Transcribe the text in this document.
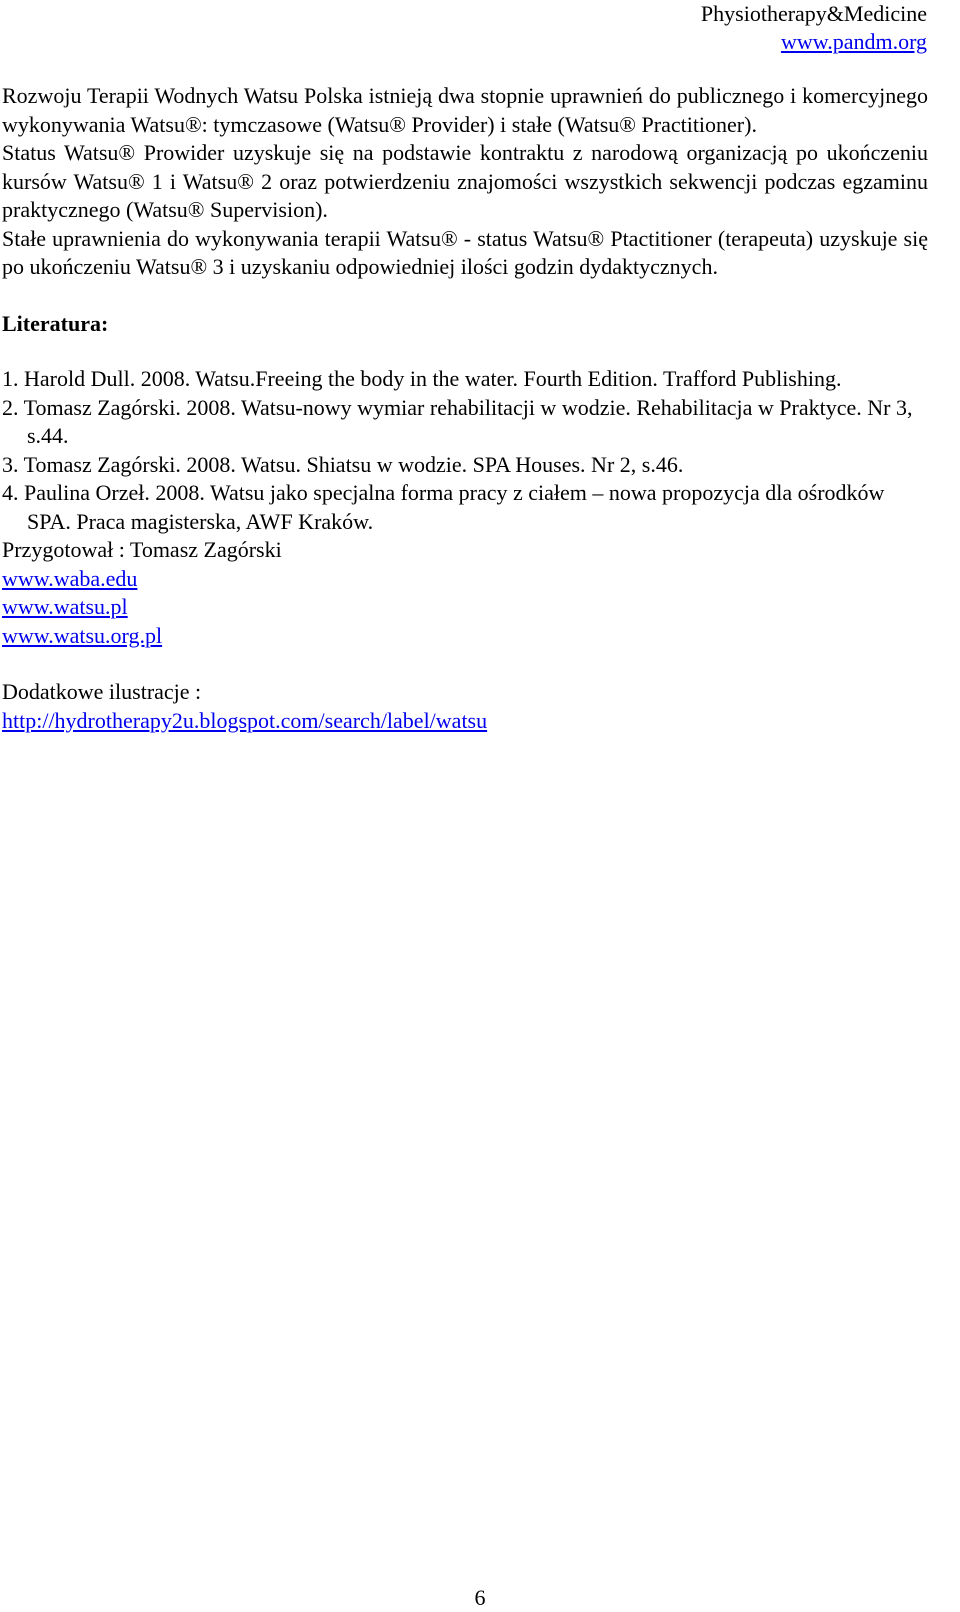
Physiotherapy&Medicine
www.pandm.org

Rozwoju Terapii Wodnych Watsu Polska istnieją dwa stopnie uprawnień do publicznego i komercyjnego wykonywania Watsu®: tymczasowe (Watsu® Provider) i stałe (Watsu® Practitioner).

Status Watsu® Prowider uzyskuje się na podstawie kontraktu z narodową organizacją po ukończeniu kursów Watsu® 1 i Watsu® 2 oraz potwierdzeniu znajomości wszystkich sekwencji podczas egzaminu praktycznego (Watsu® Supervision).

Stałe uprawnienia do wykonywania terapii Watsu® - status Watsu® Ptactitioner (terapeuta) uzyskuje się po ukończeniu Watsu® 3 i uzyskaniu odpowiedniej ilości godzin dydaktycznych.

Literatura:

1. Harold Dull. 2008. Watsu.Freeing the body in the water. Fourth Edition. Trafford Publishing.
2. Tomasz Zagórski. 2008. Watsu-nowy wymiar rehabilitacji w wodzie. Rehabilitacja w Praktyce. Nr 3, s.44.
3. Tomasz Zagórski. 2008. Watsu. Shiatsu w wodzie. SPA Houses. Nr 2, s.46.
4. Paulina Orzeł. 2008. Watsu jako specjalna forma pracy z ciałem – nowa propozycja dla ośrodków SPA. Praca magisterska, AWF Kraków.

Przygotował : Tomasz Zagórski

www.waba.edu
www.watsu.pl
www.watsu.org.pl

Dodatkowe ilustracje :

http://hydrotherapy2u.blogspot.com/search/label/watsu
6
